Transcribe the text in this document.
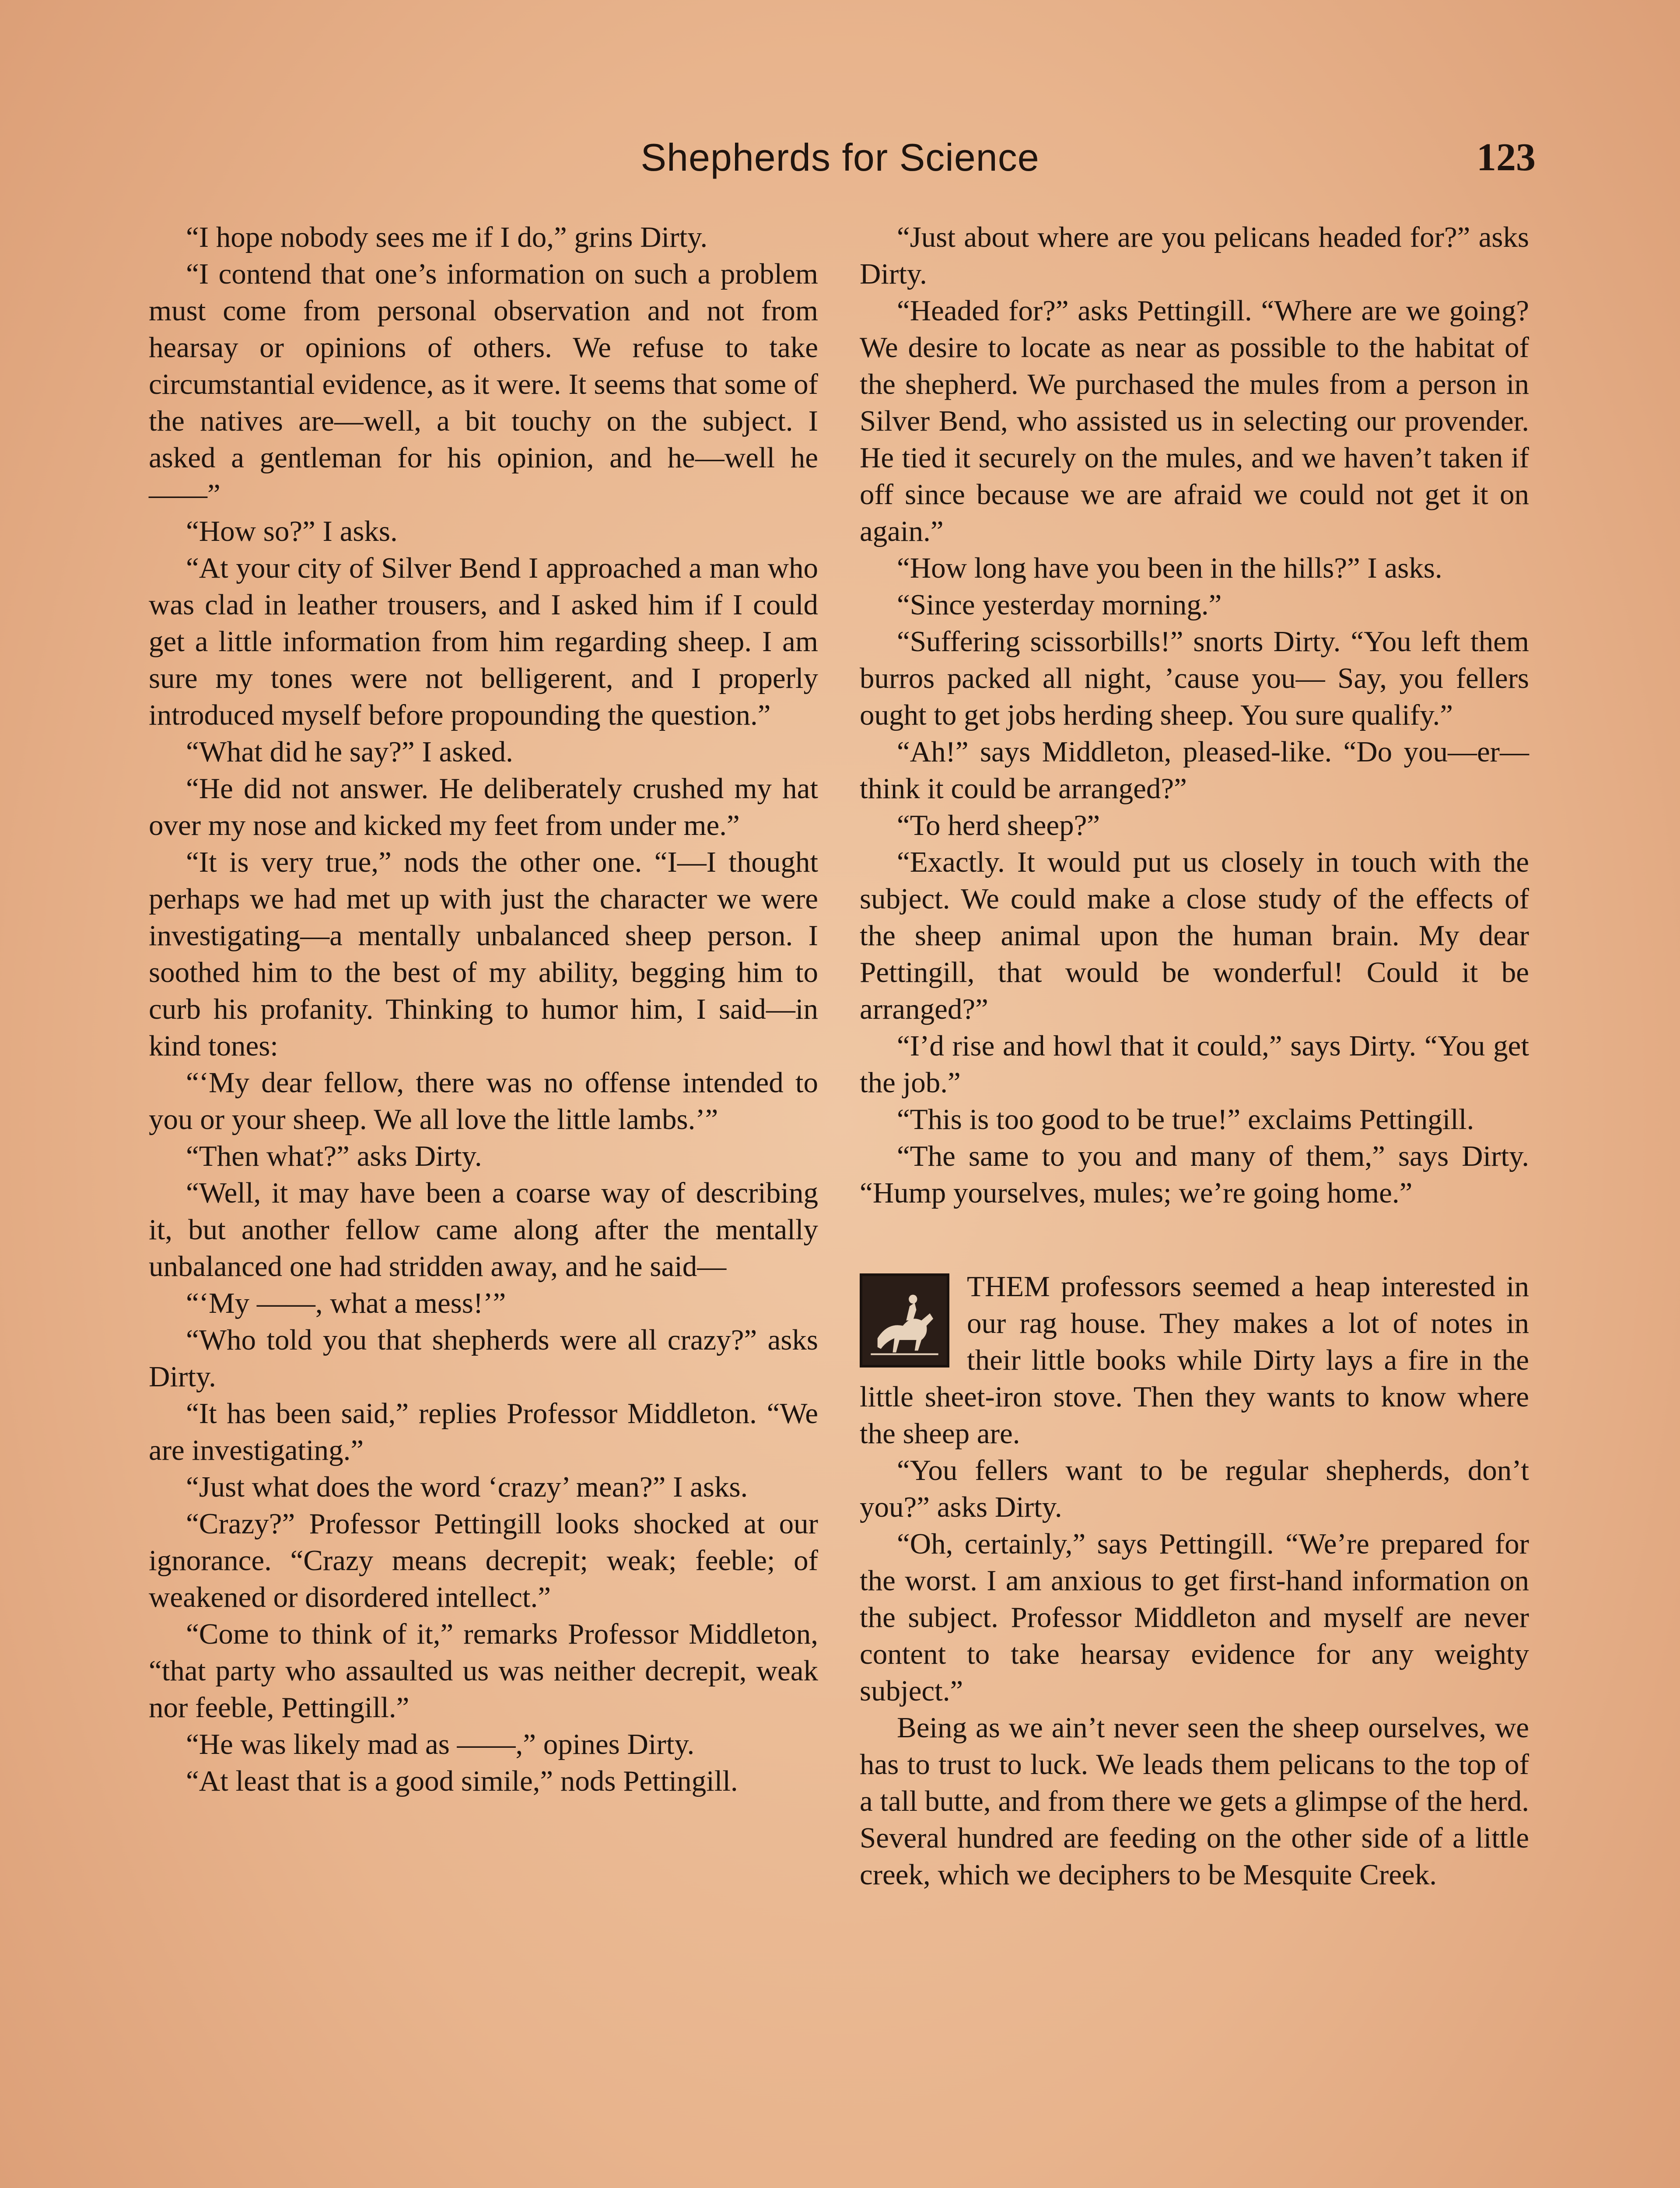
Shepherds for Science	123

“I hope nobody sees me if I do,” grins Dirty.

“I contend that one’s information on such a problem must come from personal observation and not from hearsay or opinions of others. We refuse to take circumstantial evidence, as it were. It seems that some of the natives are—well, a bit touchy on the subject. I asked a gentleman for his opinion, and he—well he——”

“How so?” I asks.

“At your city of Silver Bend I approached a man who was clad in leather trousers, and I asked him if I could get a little information from him regarding sheep. I am sure my tones were not belligerent, and I properly introduced myself before propounding the question.”

“What did he say?” I asked.

“He did not answer. He deliberately crushed my hat over my nose and kicked my feet from under me.”

“It is very true,” nods the other one. “I—I thought perhaps we had met up with just the character we were investigating—a mentally unbalanced sheep person. I soothed him to the best of my ability, begging him to curb his profanity. Thinking to humor him, I said—in kind tones:

“‘My dear fellow, there was no offense intended to you or your sheep. We all love the little lambs.’”

“Then what?” asks Dirty.

“Well, it may have been a coarse way of describing it, but another fellow came along after the mentally unbalanced one had stridden away, and he said—

“‘My ——, what a mess!’”

“Who told you that shepherds were all crazy?” asks Dirty.

“It has been said,” replies Professor Middleton. “We are investigating.”

“Just what does the word ‘crazy’ mean?” I asks.

“Crazy?” Professor Pettingill looks shocked at our ignorance. “Crazy means decrepit; weak; feeble; of weakened or disordered intellect.”

“Come to think of it,” remarks Professor Middleton, “that party who assaulted us was neither decrepit, weak nor feeble, Pettingill.”

“He was likely mad as ——,” opines Dirty.

“At least that is a good simile,” nods Pettingill.

“Just about where are you pelicans headed for?” asks Dirty.

“Headed for?” asks Pettingill. “Where are we going? We desire to locate as near as possible to the habitat of the shepherd. We purchased the mules from a person in Silver Bend, who assisted us in selecting our provender. He tied it securely on the mules, and we haven’t taken if off since because we are afraid we could not get it on again.”

“How long have you been in the hills?” I asks.

“Since yesterday morning.”

“Suffering scissorbills!” snorts Dirty. “You left them burros packed all night, ’cause you— Say, you fellers ought to get jobs herding sheep. You sure qualify.”

“Ah!” says Middleton, pleased-like. “Do you—er—think it could be arranged?”

“To herd sheep?”

“Exactly. It would put us closely in touch with the subject. We could make a close study of the effects of the sheep animal upon the human brain. My dear Pettingill, that would be wonderful! Could it be arranged?”

“I’d rise and howl that it could,” says Dirty. “You get the job.”

“This is too good to be true!” exclaims Pettingill.

“The same to you and many of them,” says Dirty. “Hump yourselves, mules; we’re going home.”

THEM professors seemed a heap interested in our rag house. They makes a lot of notes in their little books while Dirty lays a fire in the little sheet-iron stove. Then they wants to know where the sheep are.

“You fellers want to be regular shepherds, don’t you?” asks Dirty.

“Oh, certainly,” says Pettingill. “We’re prepared for the worst. I am anxious to get first-hand information on the subject. Professor Middleton and myself are never content to take hearsay evidence for any weighty subject.”

Being as we ain’t never seen the sheep ourselves, we has to trust to luck. We leads them pelicans to the top of a tall butte, and from there we gets a glimpse of the herd. Several hundred are feeding on the other side of a little creek, which we deciphers to be Mesquite Creek.
